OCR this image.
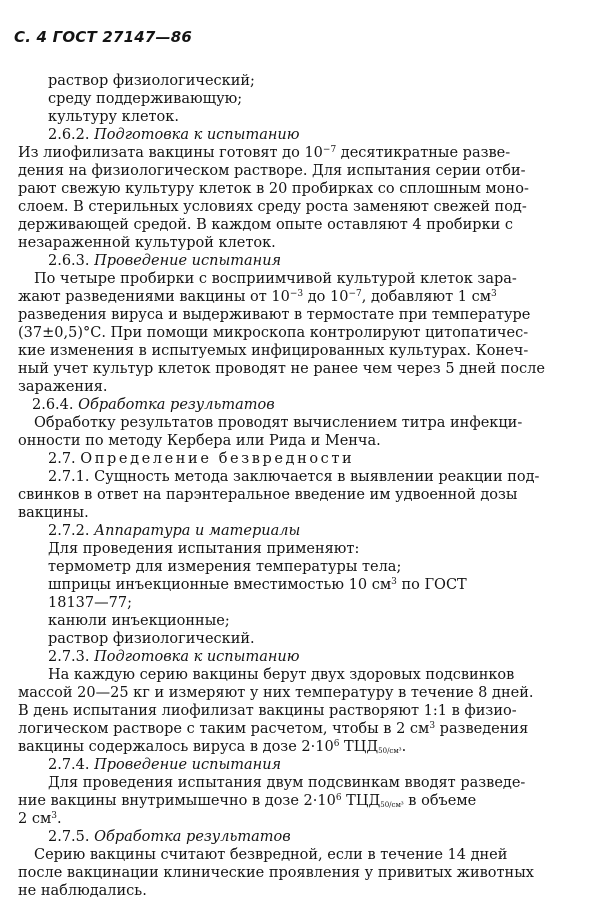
С. 4 ГОСТ 27147—86
раствор физиологический;
среду поддерживающую;
культуру клеток.
2.6.2. Подготовка к испытанию
Из лиофилизата вакцины готовят до $10^{-7}$ десятикратные разве-
дения на физиологическом растворе. Для испытания серии отби-
рают свежую культуру клеток в 20 пробирках со сплошным моно-
слоем. В стерильных условиях среду роста заменяют свежей под-
держивающей средой. В каждом опыте оставляют 4 пробирки с
незараженной культурой клеток.
2.6.3. Проведение испытания
По четыре пробирки с восприимчивой культурой клеток зара-
жают разведениями вакцины от $10^{-3}$ до $10^{-7}$, добавляют 1 $см^3$
разведения вируса и выдерживают в термостате при температуре
(37±0,5)°С. При помощи микроскопа контролируют цитопатичес-
кие изменения в испытуемых инфицированных культурах. Конеч-
ный учет культур клеток проводят не ранее чем через 5 дней после
заражения.
2.6.4. Обработка результатов
Обработку результатов проводят вычислением титра инфекци-
онности по методу Кербера или Рида и Менча.
2.7. Определение безвредности
2.7.1. Сущность метода заключается в выявлении реакции под-
свинков в ответ на парэнтеральное введение им удвоенной дозы
вакцины.
2.7.2. Аппаратура и материалы
Для проведения испытания применяют:
термометр для измерения температуры тела;
шприцы инъекционные вместимостью 10 $см^3$ по ГОСТ
18137—77;
канюли инъекционные;
раствор физиологический.
2.7.3. Подготовка к испытанию
На каждую серию вакцины берут двух здоровых подсвинков
массой 20—25 кг и измеряют у них температуру в течение 8 дней.
В день испытания лиофилизат вакцины растворяют 1:1 в физио-
логическом растворе с таким расчетом, чтобы в 2 $см^3$ разведения
вакцины содержалось вируса в дозе $2\cdot 10^6$ $ТЦД_{50/см^3}$.
2.7.4. Проведение испытания
Для проведения испытания двум подсвинкам вводят разведе-
ние вакцины внутримышечно в дозе $2\cdot 10^6$ $ТЦД_{50/см^3}$ в объеме
2 $см^3$.
2.7.5. Обработка результатов
Серию вакцины считают безвредной, если в течение 14 дней
после вакцинации клинические проявления у привитых животных
не наблюдались.
